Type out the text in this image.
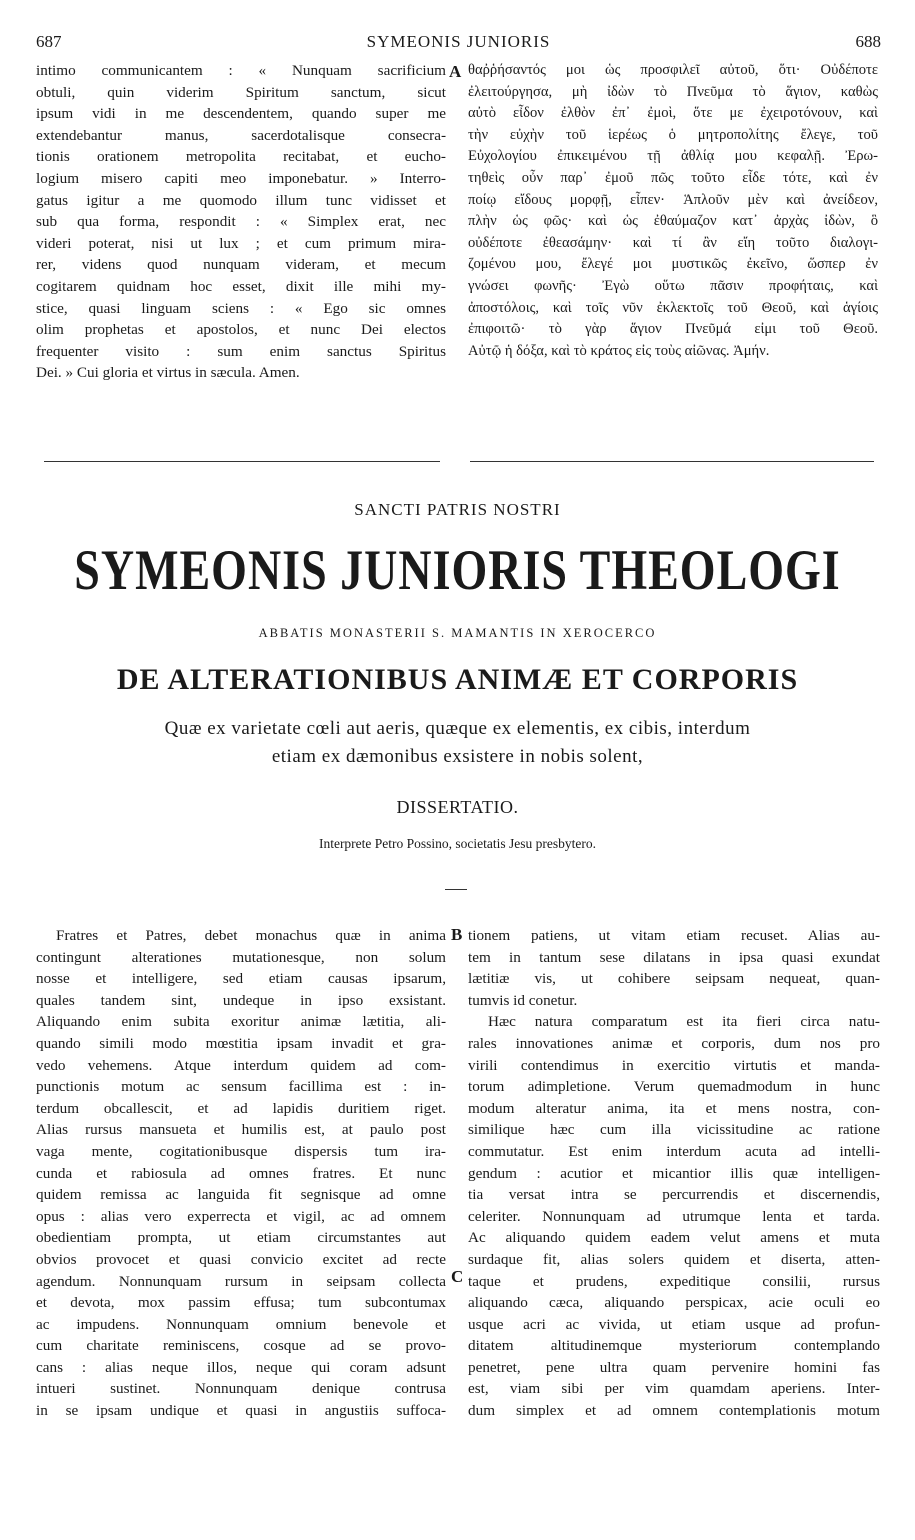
687	SYMEONIS JUNIORIS	688
intimo communicantem : « Nunquam sacrificium
obtuli, quin viderim Spiritum sanctum, sicut
ipsum vidi in me descendentem, quando super me
extendebantur manus, sacerdotalisque consecra-
tionis orationem metropolita recitabat, et eucho-
logium misero capiti meo imponebatur. » Interro-
gatus igitur a me quomodo illum tunc vidisset et
sub qua forma, respondit : « Simplex erat, nec
videri poterat, nisi ut lux ; et cum primum mira-
rer, videns quod nunquam videram, et mecum
cogitarem quidnam hoc esset, dixit ille mihi my-
stice, quasi linguam sciens : « Ego sic omnes
olim prophetas et apostolos, et nunc Dei electos
frequenter visito : sum enim sanctus Spiritus
Dei. » Cui gloria et virtus in sæcula. Amen.
A θαῤῥήσαντός μοι ὡς προσφιλεῖ αὐτοῦ, ὅτι· Οὐδέποτε
ἐλειτούργησα, μὴ ἰδὼν τὸ Πνεῦμα τὸ ἅγιον, καθὼς
αὐτὸ εἶδον ἐλθὸν ἐπ᾽ ἐμοὶ, ὅτε με ἐχειροτόνουν, καὶ
τὴν εὐχὴν τοῦ ἱερέως ὁ μητροπολίτης ἔλεγε, τοῦ
Εὐχολογίου ἐπικειμένου τῇ ἀθλίᾳ μου κεφαλῇ. Ἐρω-
τηθεὶς οὖν παρ᾽ ἐμοῦ πῶς τοῦτο εἶδε τότε, καὶ ἐν
ποίῳ εἴδους μορφῇ, εἶπεν· Ἁπλοῦν μὲν καὶ ἀνείδεον,
πλὴν ὡς φῶς· καὶ ὡς ἐθαύμαζον κατ᾽ ἀρχὰς ἰδὼν, ὃ
οὐδέποτε ἐθεασάμην· καὶ τί ἂν εἴη τοῦτο διαλογι-
ζομένου μου, ἔλεγέ μοι μυστικῶς ἐκεῖνο, ὥσπερ ἐν
γνώσει φωνῆς· Ἐγὼ οὕτω πᾶσιν προφήταις, καὶ
ἀποστόλοις, καὶ τοῖς νῦν ἐκλεκτοῖς τοῦ Θεοῦ, καὶ ἁγίοις
ἐπιφοιτῶ· τὸ γὰρ ἅγιον Πνεῦμά εἰμι τοῦ Θεοῦ.
Αὐτῷ ἡ δόξα, καὶ τὸ κράτος εἰς τοὺς αἰῶνας. Ἀμήν.
SANCTI PATRIS NOSTRI
SYMEONIS JUNIORIS THEOLOGI
ABBATIS MONASTERII S. MAMANTIS IN XEROCERCO
DE ALTERATIONIBUS ANIMÆ ET CORPORIS
Quæ ex varietate cœli aut aeris, quæque ex elementis, ex cibis, interdum
etiam ex dæmonibus exsistere in nobis solent,
DISSERTATIO.
Interprete Petro Possino, societatis Jesu presbytero.
Fratres et Patres, debet monachus quæ in anima
contingunt alterationes mutationesque, non solum
nosse et intelligere, sed etiam causas ipsarum,
quales tandem sint, undeque in ipso exsistant.
Aliquando enim subita exoritur animæ lætitia, ali-
quando simili modo mœstitia ipsam invadit et gra-
vedo vehemens. Atque interdum quidem ad com-
punctionis motum ac sensum facillima est : in-
terdum obcallescit, et ad lapidis duritiem riget.
Alias rursus mansueta et humilis est, at paulo post
vaga mente, cogitationibusque dispersis tum ira-
cunda et rabiosula ad omnes fratres. Et nunc
quidem remissa ac languida fit segnisque ad omne
opus : alias vero experrecta et vigil, ac ad omnem
obedientiam prompta, ut etiam circumstantes aut
obvios provocet et quasi convicio excitet ad recte
agendum. Nonnunquam rursum in seipsam collecta
et devota, mox passim effusa; tum subcontumax
ac impudens. Nonnunquam omnium benevole et
cum charitate reminiscens, cosque ad se provo-
cans : alias neque illos, neque qui coram adsunt
intueri sustinet. Nonnunquam denique contrusa
in se ipsam undique et quasi in angustiis suffoca-
B
C
tionem patiens, ut vitam etiam recuset. Alias au-
tem in tantum sese dilatans in ipsa quasi exundat
lætitiæ vis, ut cohibere seipsam nequeat, quan-
tumvis id conetur.
Hæc natura comparatum est ita fieri circa natu-
rales innovationes animæ et corporis, dum nos pro
virili contendimus in exercitio virtutis et manda-
torum adimpletione. Verum quemadmodum in hunc
modum alteratur anima, ita et mens nostra, con-
similique hæc cum illa vicissitudine ac ratione
commutatur. Est enim interdum acuta ad intelli-
gendum : acutior et micantior illis quæ intelligen-
tia versat intra se percurrendis et discernendis,
celeriter. Nonnunquam ad utrumque lenta et tarda.
Ac aliquando quidem eadem velut amens et muta
surdaque fit, alias solers quidem et diserta, atten-
taque et prudens, expeditique consilii, rursus
aliquando cæca, aliquando perspicax, acie oculi eo
usque acri ac vivida, ut etiam usque ad profun-
ditatem altitudinemque mysteriorum contemplando
penetret, pene ultra quam pervenire homini fas
est, viam sibi per vim quamdam aperiens. Inter-
dum simplex et ad omnem contemplationis motum
